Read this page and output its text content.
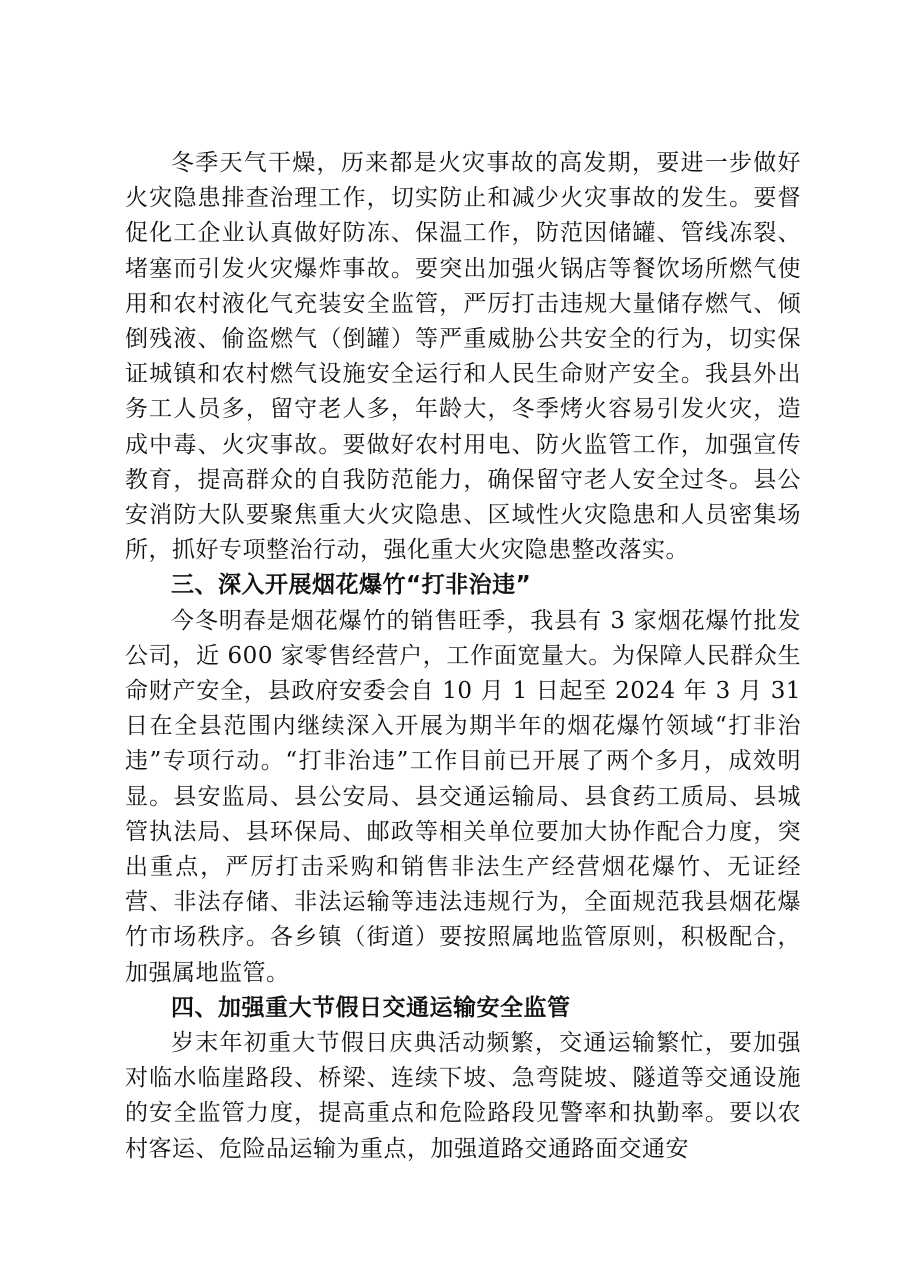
冬季天气干燥，历来都是火灾事故的高发期，要进一步做好火灾隐患排查治理工作，切实防止和减少火灾事故的发生。要督促化工企业认真做好防冻、保温工作，防范因储罐、管线冻裂、堵塞而引发火灾爆炸事故。要突出加强火锅店等餐饮场所燃气使用和农村液化气充装安全监管，严厉打击违规大量储存燃气、倾倒残液、偷盗燃气（倒罐）等严重威胁公共安全的行为，切实保证城镇和农村燃气设施安全运行和人民生命财产安全。我县外出务工人员多，留守老人多，年龄大，冬季烤火容易引发火灾，造成中毒、火灾事故。要做好农村用电、防火监管工作，加强宣传教育，提高群众的自我防范能力，确保留守老人安全过冬。县公安消防大队要聚焦重大火灾隐患、区域性火灾隐患和人员密集场所，抓好专项整治行动，强化重大火灾隐患整改落实。

三、深入开展烟花爆竹“打非治违”

今冬明春是烟花爆竹的销售旺季，我县有 3 家烟花爆竹批发公司，近 600 家零售经营户，工作面宽量大。为保障人民群众生命财产安全，县政府安委会自 10 月 1 日起至 2024 年 3 月 31 日在全县范围内继续深入开展为期半年的烟花爆竹领域“打非治违”专项行动。“打非治违”工作目前已开展了两个多月，成效明显。县安监局、县公安局、县交通运输局、县食药工质局、县城管执法局、县环保局、邮政等相关单位要加大协作配合力度，突出重点，严厉打击采购和销售非法生产经营烟花爆竹、无证经营、非法存储、非法运输等违法违规行为，全面规范我县烟花爆竹市场秩序。各乡镇（街道）要按照属地监管原则，积极配合，加强属地监管。

四、加强重大节假日交通运输安全监管

岁末年初重大节假日庆典活动频繁，交通运输繁忙，要加强对临水临崖路段、桥梁、连续下坡、急弯陡坡、隧道等交通设施的安全监管力度，提高重点和危险路段见警率和执勤率。要以农村客运、危险品运输为重点，加强道路交通路面交通安
